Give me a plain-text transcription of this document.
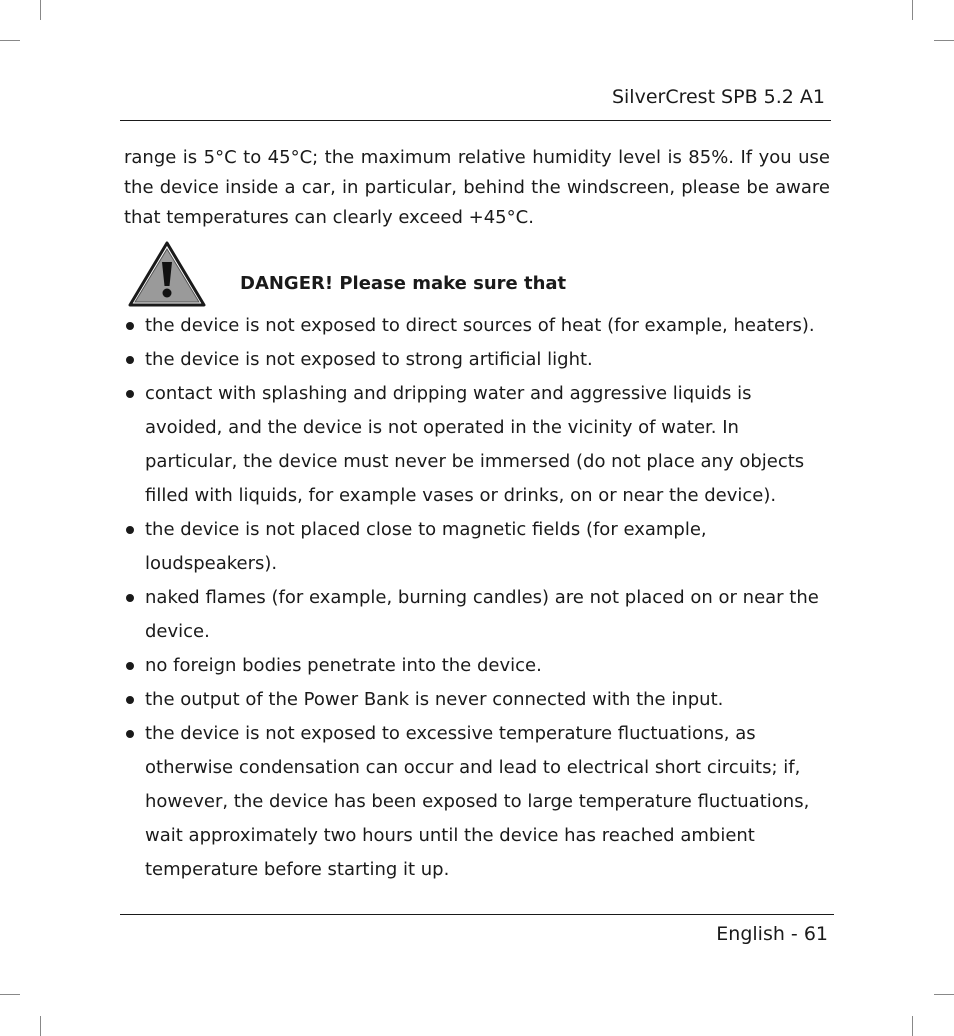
SilverCrest SPB 5.2 A1

range is 5°C to 45°C; the maximum relative humidity level is 85%. If you use the device inside a car, in particular, behind the windscreen, please be aware that temperatures can clearly exceed +45°C.

DANGER! Please make sure that
the device is not exposed to direct sources of heat (for example, heaters).
the device is not exposed to strong artificial light.
contact with splashing and dripping water and aggressive liquids is avoided, and the device is not operated in the vicinity of water. In particular, the device must never be immersed (do not place any objects filled with liquids, for example vases or drinks, on or near the device).
the device is not placed close to magnetic fields (for example, loudspeakers).
naked flames (for example, burning candles) are not placed on or near the device.
no foreign bodies penetrate into the device.
the output of the Power Bank is never connected with the input.
the device is not exposed to excessive temperature fluctuations, as otherwise condensation can occur and lead to electrical short circuits; if, however, the device has been exposed to large temperature fluctuations, wait approximately two hours until the device has reached ambient temperature before starting it up.
English - 61
